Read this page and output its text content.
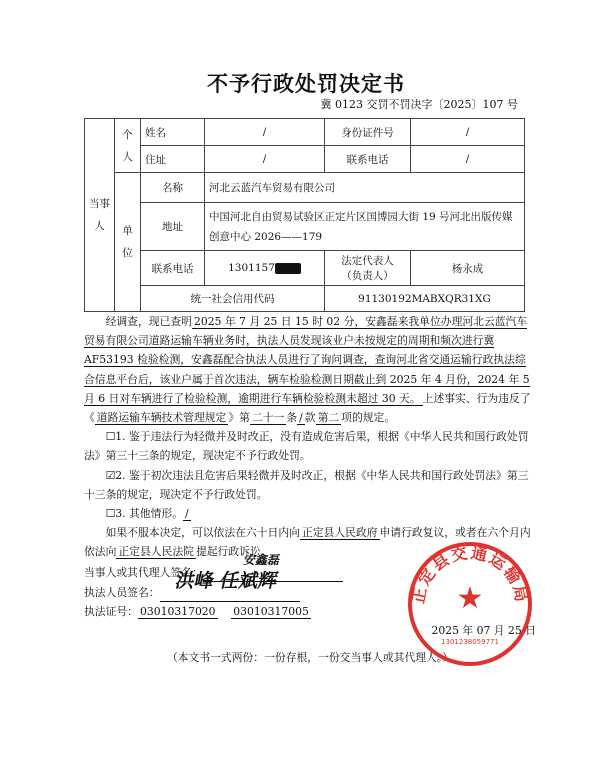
不予行政处罚决定书
冀 0123 交罚不罚决字〔2025〕107 号
当事人	个人	姓名	/	身份证件号	/
		住址	/	联系电话	/
	单位	名称	河北云蓝汽车贸易有限公司		
		地址	中国河北自由贸易试验区正定片区国博园大街 19 号河北出版传媒创意中心 2026——179		
		联系电话	1301157	法定代表人
（负责人）	杨永成
		统一社会信用代码		91130192MABXQR31XG	
经调查，现已查明 2025 年 7 月 25 日 15 时 02 分，安鑫磊来我单位办理河北云蓝汽车贸易有限公司道路运输车辆业务时，执法人员发现该业户未按规定的周期和频次进行冀 AF53193 检验检测，安鑫磊配合执法人员进行了询问调查，查询河北省交通运输行政执法综合信息平台后，该业户属于首次违法，辆车检验检测日期截止到 2025 年 4 月份，2024 年 5 月 6 日对车辆进行了检验检测，逾期进行车辆检验检测未超过 30 天。 上述事实、行为违反了《 道路运输车辆技术管理规定 》第 二十一 条 / 款 第二 项的规定。
☐1. 鉴于违法行为轻微并及时改正，没有造成危害后果，根据《中华人民共和国行政处罚法》第三十三条的规定，现决定不予行政处罚。
☑2. 鉴于初次违法且危害后果轻微并及时改正，根据《中华人民共和国行政处罚法》第三十三条的规定，现决定不予行政处罚。
☐3. 其他情形。 /
如果不服本决定，可以依法在六十日内向 正定县人民政府 申请行政复议，或者在六个月内依法向 正定县人民法院 提起行政诉讼。
当事人或其代理人签名：
执法人员签名：
执法证号： 03010317020 03010317005
2025 年 07 月 25 日
（本文书一式两份：一份存根，一份交当事人或其代理人。）
安鑫磊
洪峰 任斌辉
正定县交通运输局
★
1301238059771
